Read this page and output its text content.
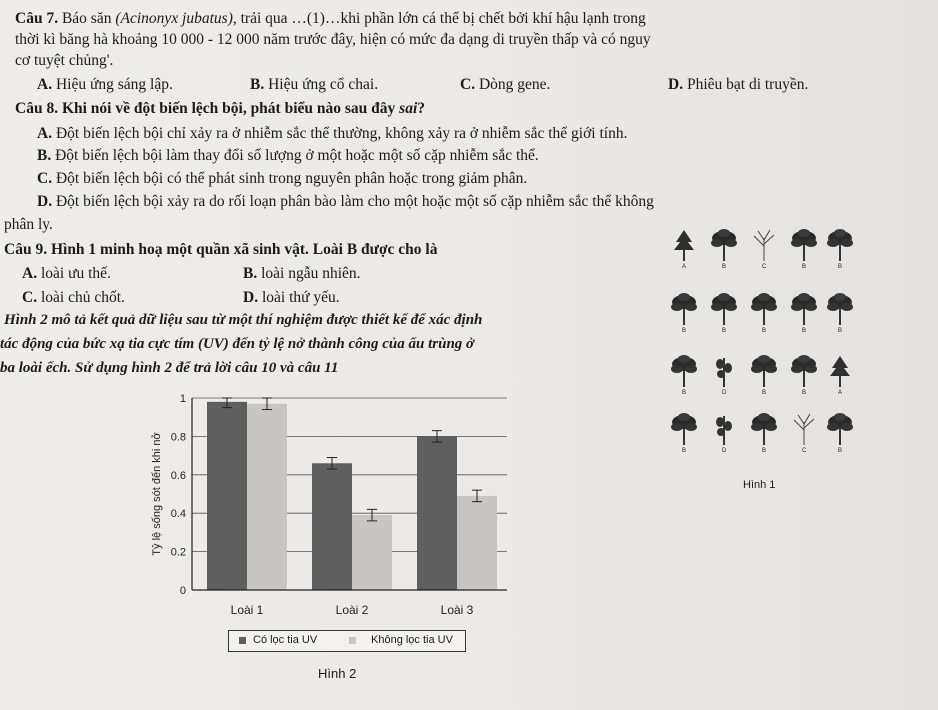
Câu 7. Báo săn (Acinonyx jubatus), trải qua …(1)…khi phần lớn cá thể bị chết bởi khí hậu lạnh trong
thời kì băng hà khoảng 10 000 - 12 000 năm trước đây, hiện có mức đa dạng di truyền thấp và có nguy
cơ tuyệt chủng'.
A. Hiệu ứng sáng lập.	B. Hiệu ứng cổ chai.	C. Dòng gene.	D. Phiêu bạt di truyền.
Câu 8. Khi nói về đột biến lệch bội, phát biểu nào sau đây sai?
A. Đột biến lệch bội chỉ xảy ra ở nhiễm sắc thể thường, không xảy ra ở nhiễm sắc thể giới tính.
B. Đột biến lệch bội làm thay đổi số lượng ở một hoặc một số cặp nhiễm sắc thể.
C. Đột biến lệch bội có thể phát sinh trong nguyên phân hoặc trong giảm phân.
D. Đột biến lệch bội xảy ra do rối loạn phân bào làm cho một hoặc một số cặp nhiễm sắc thể không
phân ly.
Câu 9. Hình 1 minh hoạ một quần xã sinh vật. Loài B được cho là
A. loài ưu thế.	B. loài ngẫu nhiên.
C. loài chủ chốt.	D. loài thứ yếu.
Hình 2 mô tả kết quả dữ liệu sau từ một thí nghiệm được thiết kế để xác định
tác động của bức xạ tia cực tím (UV) đến tỷ lệ nở thành công của ấu trùng ở
ba loài ếch. Sử dụng hình 2 để trả lời câu 10 và câu 11
A	B	C	B	B
B	B	B	B	B
B	D	B	B	A
B	D	B	C	B
Hình 1
Loài 1	Loài 2	Loài 3
0
0.2
0.4
0.6
0.8
1
Tỷ lệ sống sót đến khi nở
Có lọc tia UV	Không lọc tia UV
Hình 2
